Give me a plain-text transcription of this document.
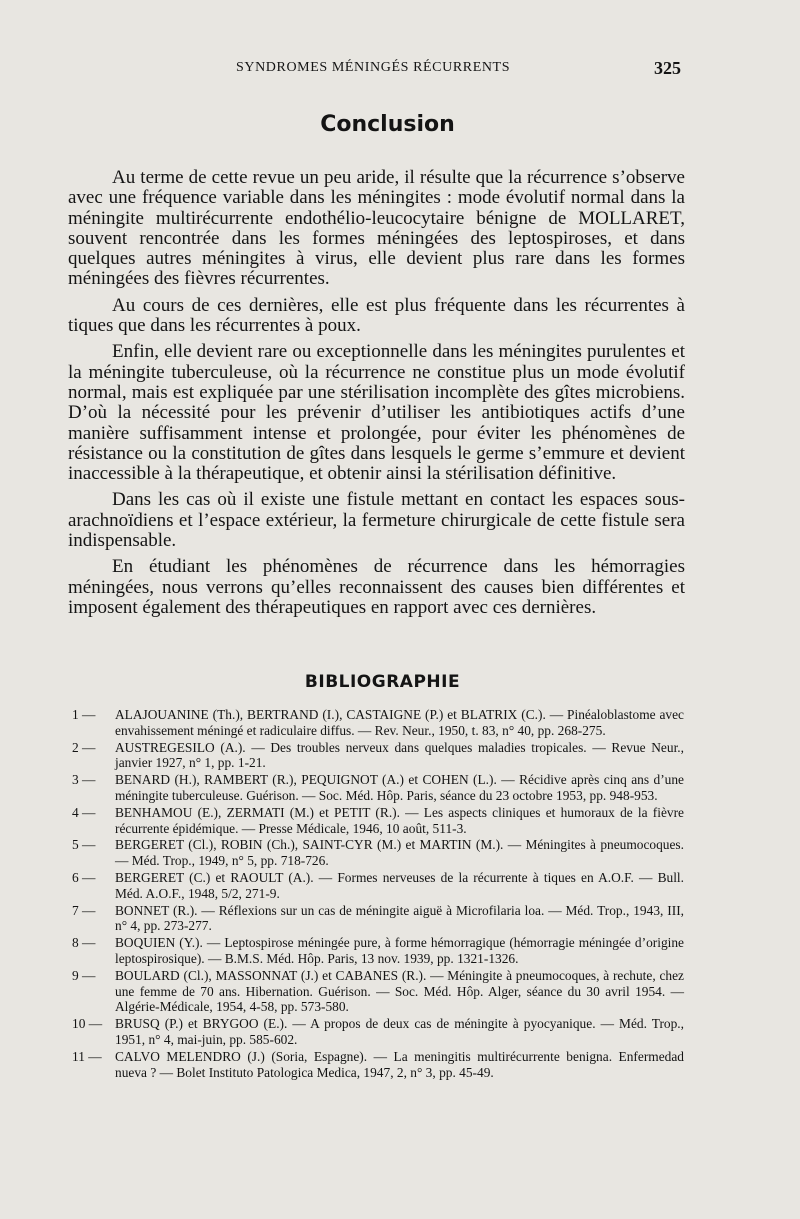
SYNDROMES MÉNINGÉS RÉCURRENTS	325
Conclusion

Au terme de cette revue un peu aride, il résulte que la récurrence s’observe avec une fréquence variable dans les méningites : mode évolutif normal dans la méningite multirécurrente endothélio-leucocytaire bénigne de MOLLARET, souvent rencontrée dans les formes méningées des leptospiroses, et dans quelques autres méningites à virus, elle devient plus rare dans les formes méningées des fièvres récurrentes.

Au cours de ces dernières, elle est plus fréquente dans les récurrentes à tiques que dans les récurrentes à poux.

Enfin, elle devient rare ou exceptionnelle dans les méningites purulentes et la méningite tuberculeuse, où la récurrence ne constitue plus un mode évolutif normal, mais est expliquée par une stérilisation incomplète des gîtes microbiens. D’où la nécessité pour les prévenir d’utiliser les antibiotiques actifs d’une manière suffisamment intense et prolongée, pour éviter les phénomènes de résistance ou la constitution de gîtes dans lesquels le germe s’emmure et devient inaccessible à la thérapeutique, et obtenir ainsi la stérilisation définitive.

Dans les cas où il existe une fistule mettant en contact les espaces sous-arachnoïdiens et l’espace extérieur, la fermeture chirurgicale de cette fistule sera indispensable.

En étudiant les phénomènes de récurrence dans les hémorragies méningées, nous verrons qu’elles reconnaissent des causes bien différentes et imposent également des thérapeutiques en rapport avec ces dernières.

BIBLIOGRAPHIE
1 —	ALAJOUANINE (Th.), BERTRAND (I.), CASTAIGNE (P.) et BLATRIX (C.). — Pinéaloblastome avec envahissement méningé et radiculaire diffus. — Rev. Neur., 1950, t. 83, n° 40, pp. 268-275.
2 —	AUSTREGESILO (A.). — Des troubles nerveux dans quelques maladies tropicales. — Revue Neur., janvier 1927, n° 1, pp. 1-21.
3 —	BENARD (H.), RAMBERT (R.), PEQUIGNOT (A.) et COHEN (L.). — Récidive après cinq ans d’une méningite tuberculeuse. Guérison. — Soc. Méd. Hôp. Paris, séance du 23 octobre 1953, pp. 948-953.
4 —	BENHAMOU (E.), ZERMATI (M.) et PETIT (R.). — Les aspects cliniques et humoraux de la fièvre récurrente épidémique. — Presse Médicale, 1946, 10 août, 511-3.
5 —	BERGERET (Cl.), ROBIN (Ch.), SAINT-CYR (M.) et MARTIN (M.). — Méningites à pneumocoques. — Méd. Trop., 1949, n° 5, pp. 718-726.
6 —	BERGERET (C.) et RAOULT (A.). — Formes nerveuses de la récurrente à tiques en A.O.F. — Bull. Méd. A.O.F., 1948, 5/2, 271-9.
7 —	BONNET (R.). — Réflexions sur un cas de méningite aiguë à Microfilaria loa. — Méd. Trop., 1943, III, n° 4, pp. 273-277.
8 —	BOQUIEN (Y.). — Leptospirose méningée pure, à forme hémorragique (hémorragie méningée d’origine leptospirosique). — B.M.S. Méd. Hôp. Paris, 13 nov. 1939, pp. 1321-1326.
9 —	BOULARD (Cl.), MASSONNAT (J.) et CABANES (R.). — Méningite à pneumocoques, à rechute, chez une femme de 70 ans. Hibernation. Guérison. — Soc. Méd. Hôp. Alger, séance du 30 avril 1954. — Algérie-Médicale, 1954, 4-58, pp. 573-580.
10 — BRUSQ (P.) et BRYGOO (E.). — A propos de deux cas de méningite à pyocyanique. — Méd. Trop., 1951, n° 4, mai-juin, pp. 585-602.
11 — CALVO MELENDRO (J.) (Soria, Espagne). — La meningitis multirécurrente benigna. Enfermedad nueva ? — Bolet Instituto Patologica Medica, 1947, 2, n° 3, pp. 45-49.
